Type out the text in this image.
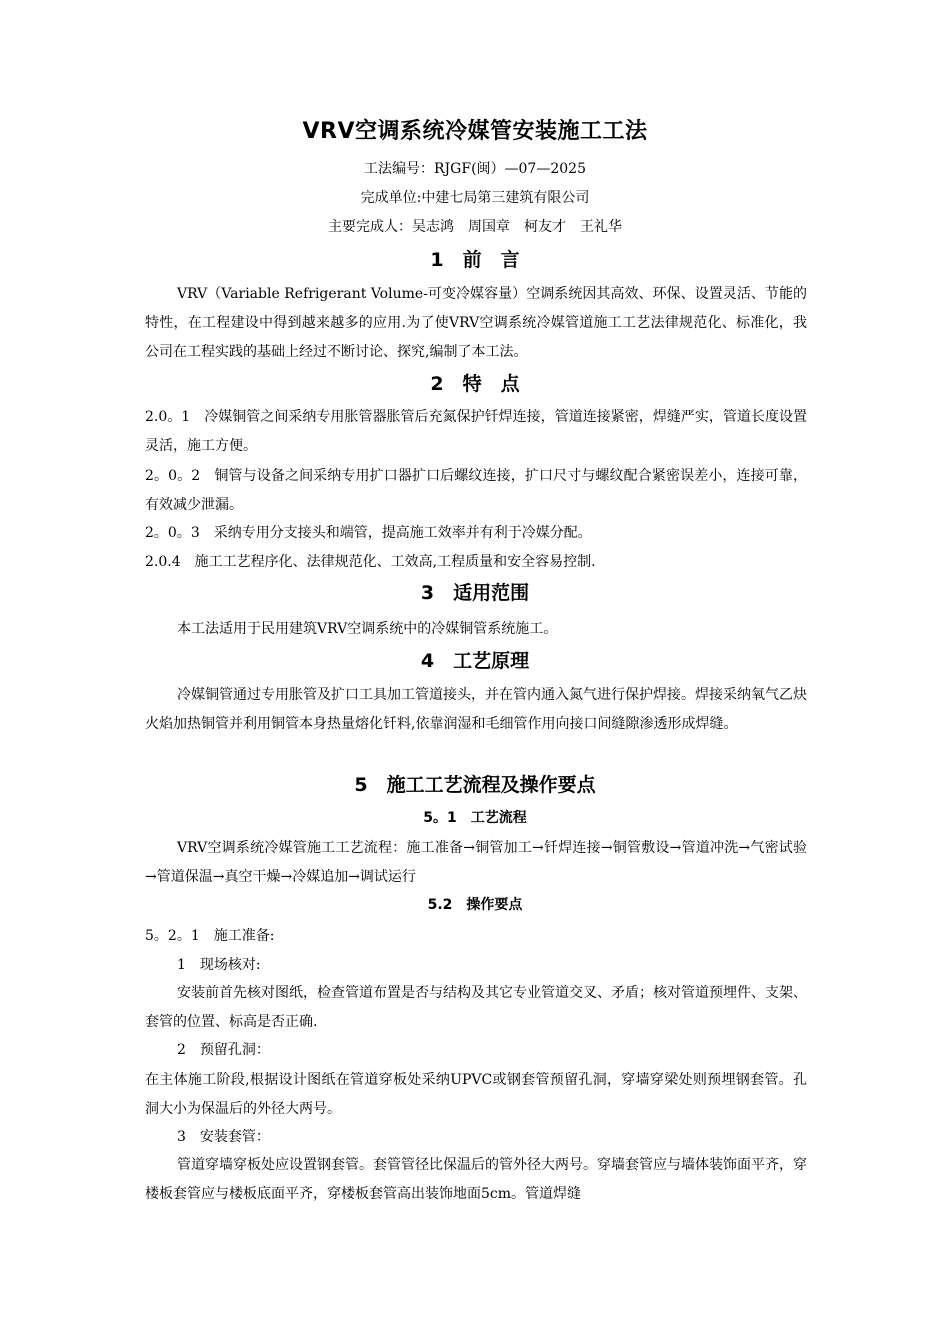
VRV空调系统冷媒管安装施工工法
工法编号：RJGF(闽）—07—2025
完成单位:中建七局第三建筑有限公司
主要完成人：吴志鸿　周国章　柯友才　王礼华
1　前　言
VRV（Variable Refrigerant Volume-可变冷媒容量）空调系统因其高效、环保、设置灵活、节能的特性，在工程建设中得到越来越多的应用.为了使VRV空调系统冷媒管道施工工艺法律规范化、标准化，我公司在工程实践的基础上经过不断讨论、探究,编制了本工法。
2　特　点
2.0。1　冷媒铜管之间采纳专用胀管器胀管后充氮保护钎焊连接，管道连接紧密，焊缝严实，管道长度设置灵活，施工方便。
2。0。2　铜管与设备之间采纳专用扩口器扩口后螺纹连接，扩口尺寸与螺纹配合紧密误差小，连接可靠，有效减少泄漏。
2。0。3　采纳专用分支接头和端管，提高施工效率并有利于冷媒分配。
2.0.4　施工工艺程序化、法律规范化、工效高,工程质量和安全容易控制.
3　适用范围
本工法适用于民用建筑VRV空调系统中的冷媒铜管系统施工。
4　工艺原理
冷媒铜管通过专用胀管及扩口工具加工管道接头，并在管内通入氮气进行保护焊接。焊接采纳氧气乙炔火焰加热铜管并利用铜管本身热量熔化钎料,依靠润湿和毛细管作用向接口间缝隙渗透形成焊缝。
5　施工工艺流程及操作要点
5。1　工艺流程
VRV空调系统冷媒管施工工艺流程：施工准备→铜管加工→钎焊连接→铜管敷设→管道冲洗→气密试验→管道保温→真空干燥→冷媒追加→调试运行
5.2　操作要点
5。2。1　施工准备:
1　现场核对:
安装前首先核对图纸，检查管道布置是否与结构及其它专业管道交叉、矛盾；核对管道预埋件、支架、套管的位置、标高是否正确.
2　预留孔洞：
在主体施工阶段,根据设计图纸在管道穿板处采纳UPVC或钢套管预留孔洞，穿墙穿梁处则预埋钢套管。孔洞大小为保温后的外径大两号。
3　安装套管：
管道穿墙穿板处应设置钢套管。套管管径比保温后的管外径大两号。穿墙套管应与墙体装饰面平齐，穿楼板套管应与楼板底面平齐，穿楼板套管高出装饰地面5cm。管道焊缝
